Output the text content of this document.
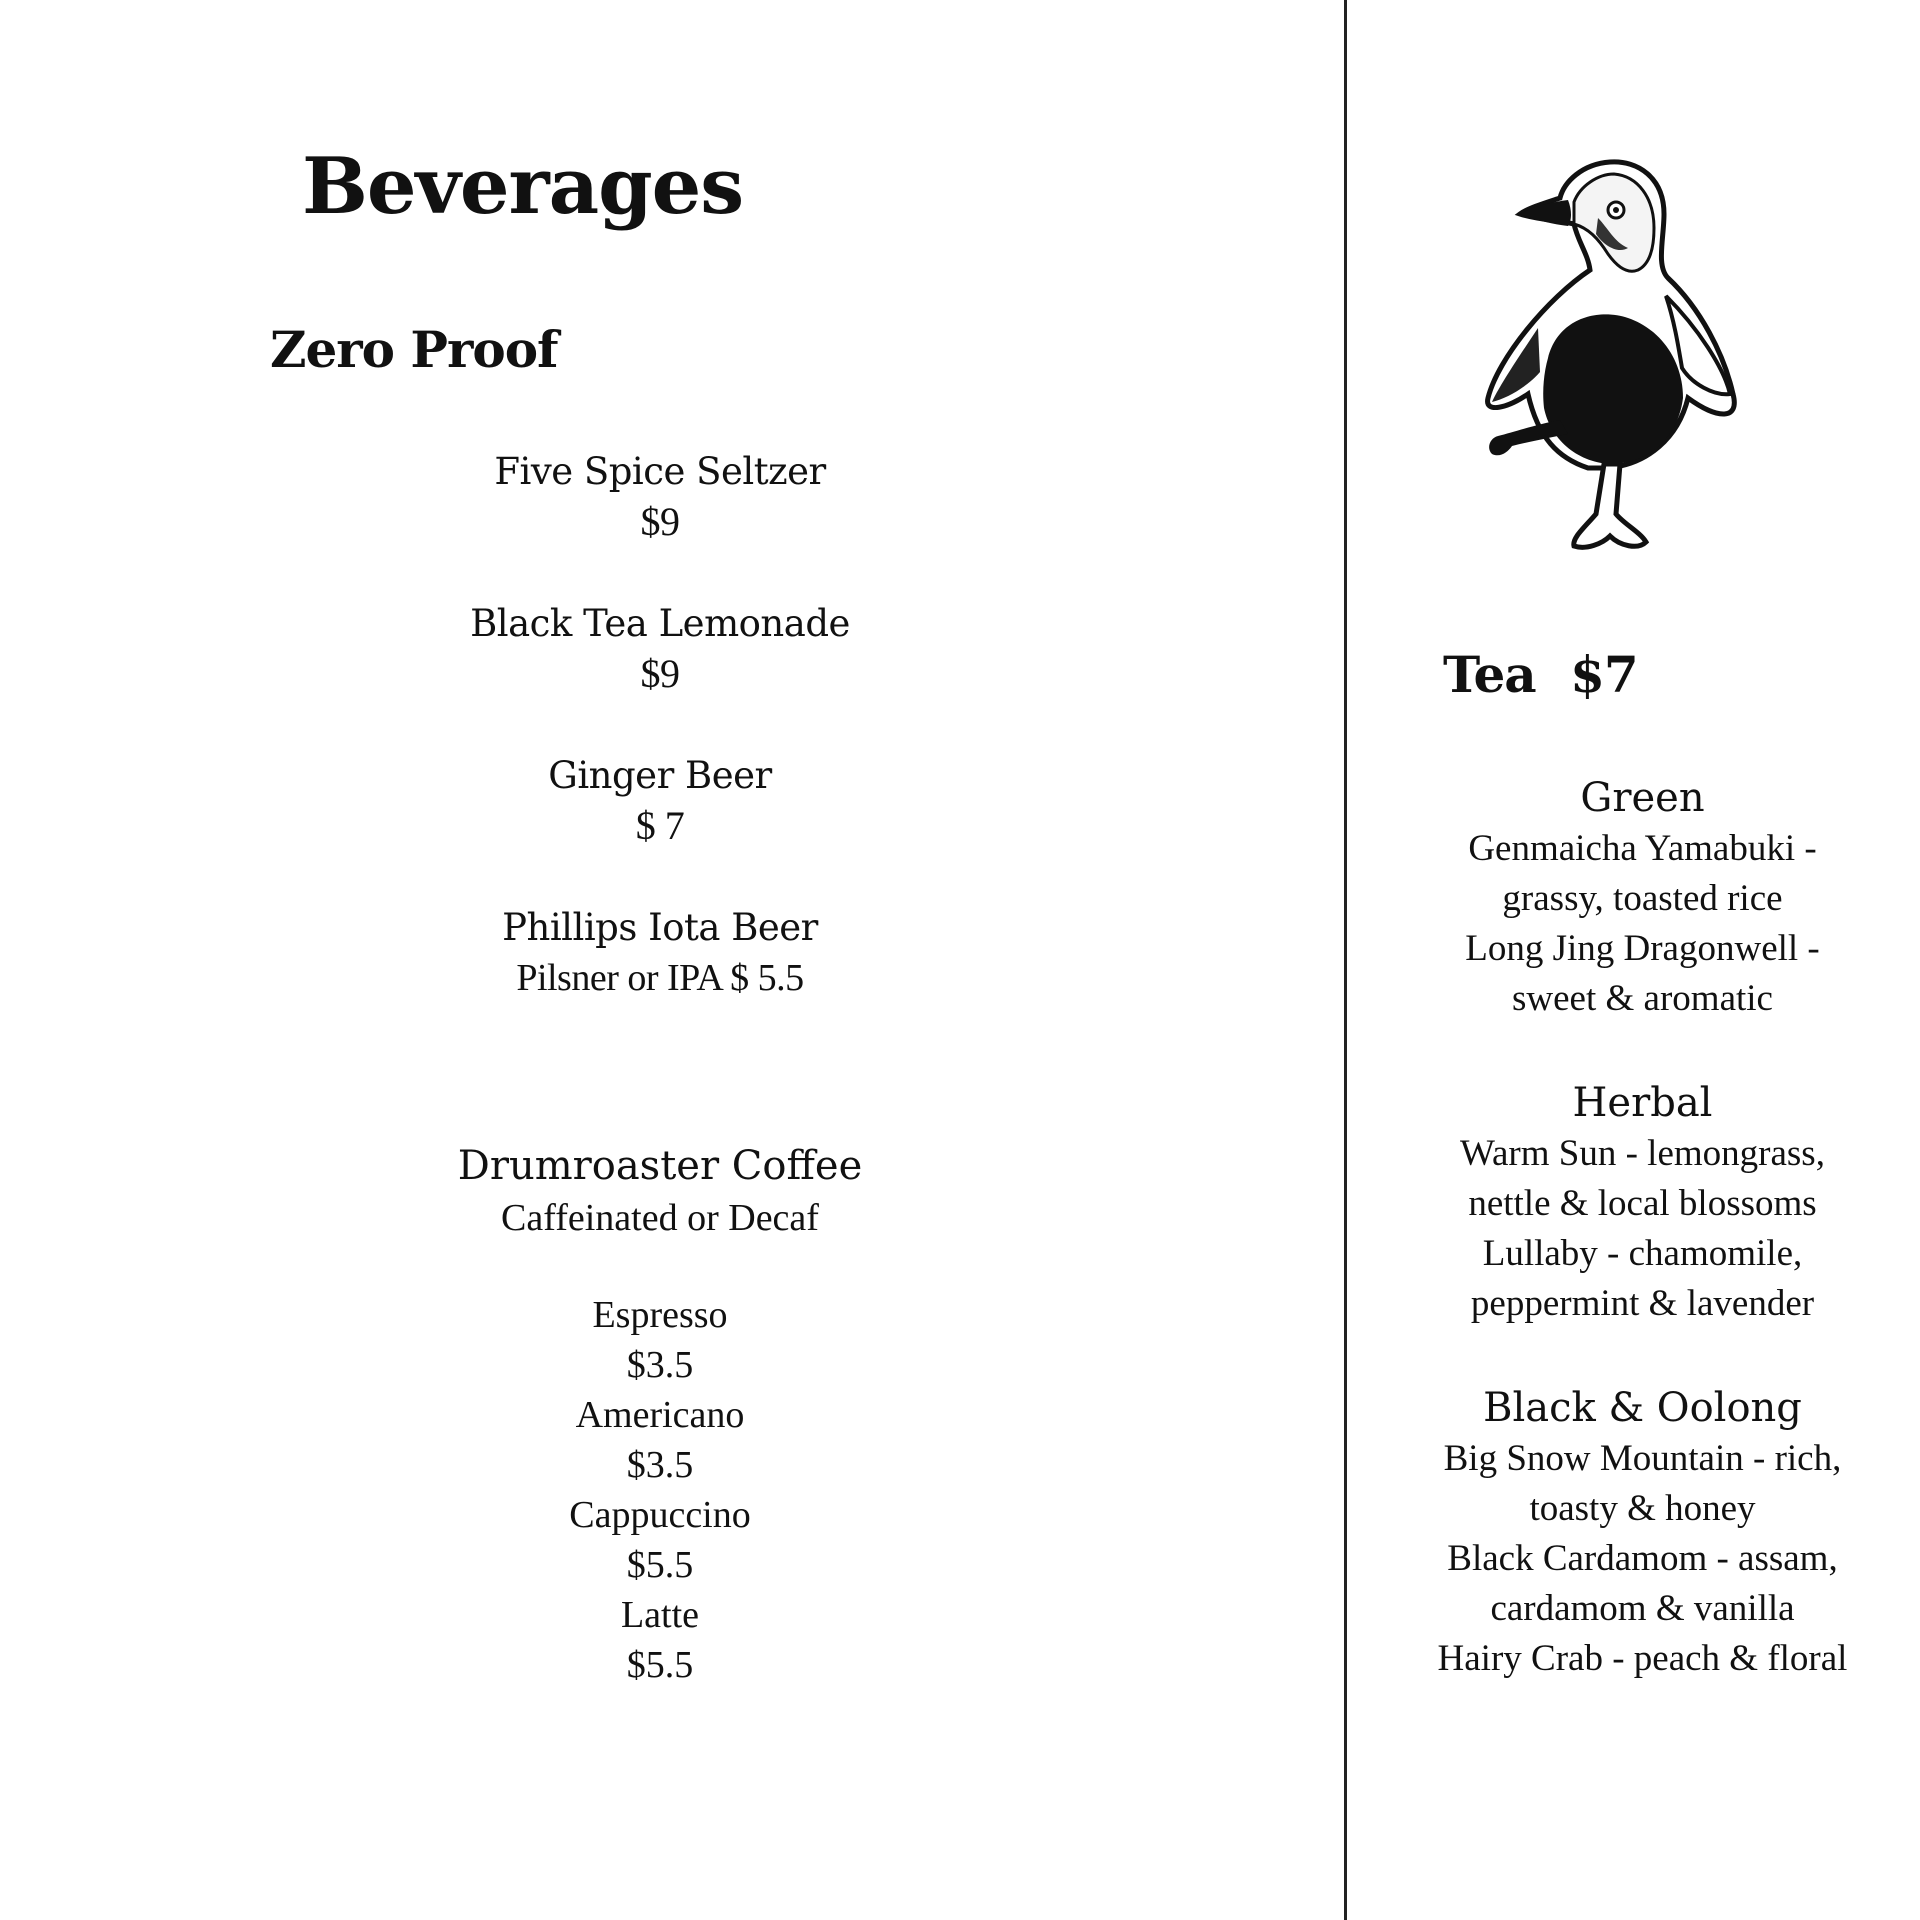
Beverages
Zero Proof
Five Spice Seltzer
$9
Black Tea Lemonade
$9
Ginger Beer
$ 7
Phillips Iota Beer
Pilsner or IPA $ 5.5
Drumroaster Coffee
Caffeinated or Decaf
Espresso
$3.5
Americano
$3.5
Cappuccino
$5.5
Latte
$5.5
Tea $7
Green
Genmaicha Yamabuki -
grassy, toasted rice
Long Jing Dragonwell -
sweet & aromatic
Herbal
Warm Sun - lemongrass,
nettle & local blossoms
Lullaby - chamomile,
peppermint & lavender
Black & Oolong
Big Snow Mountain - rich,
toasty & honey
Black Cardamom - assam,
cardamom & vanilla
Hairy Crab - peach & floral
